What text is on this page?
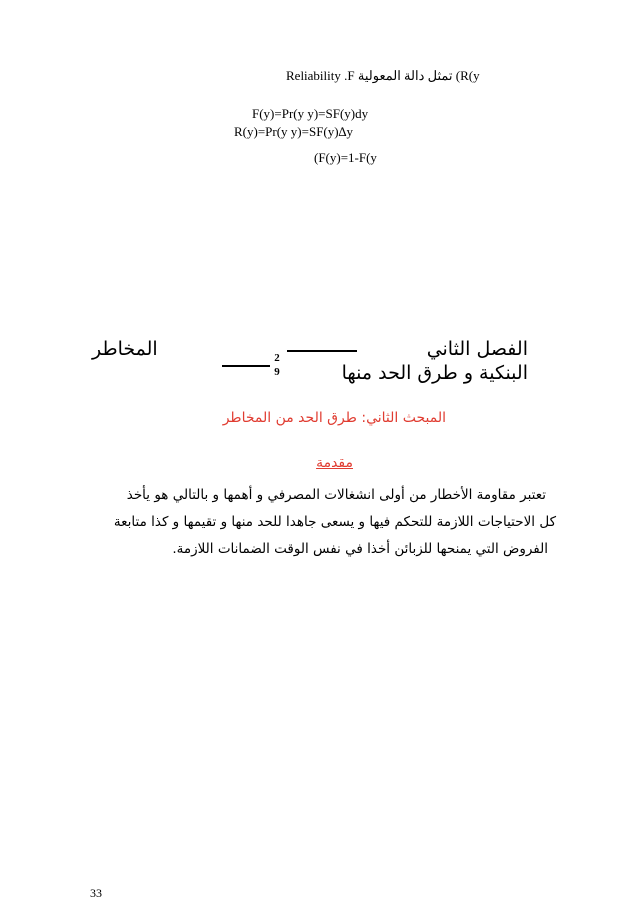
Reliability .F تمثل دالة المعولية (R(y
F(y)=Pr(y y)=SF(y)dy
R(y)=Pr(y y)=SF(y)∆y
(F(y)=1-F(y
الفصل الثاني
المخاطر	2
9	البنكية و طرق الحد منها
المبحث الثاني: طرق الحد من المخاطر
مقدمة
تعتبر مقاومة الأخطار من أولى انشغالات المصرفي و أهمها و بالتالي هو يأخذ
كل الاحتياجات اللازمة للتحكم فيها و يسعى جاهدا للحد منها و تقيمها و كذا متابعة
الفروض التي يمنحها للزبائن أخذا في نفس الوقت الضمانات اللازمة.
33
